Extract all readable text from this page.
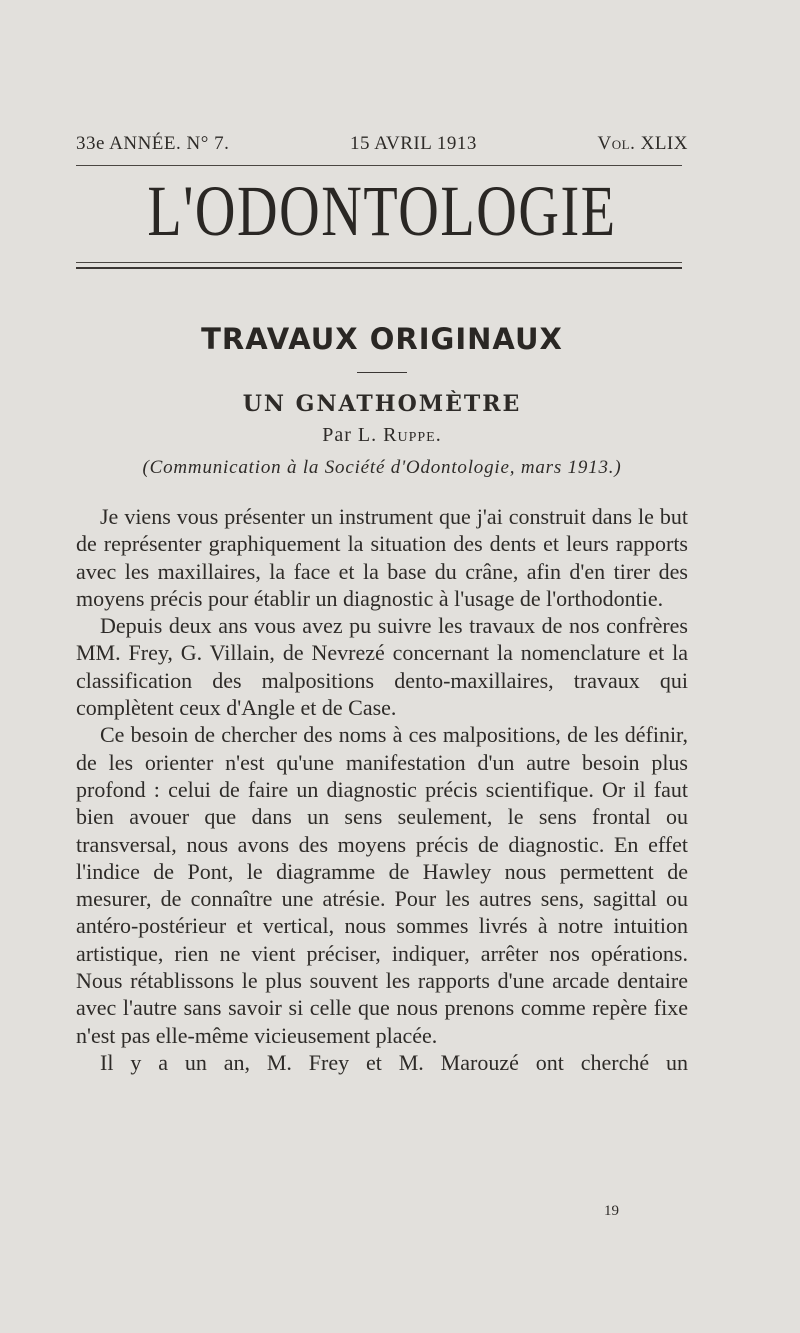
33e ANNÉE. N° 7.	15 AVRIL 1913	Vol. XLIX
L'ODONTOLOGIE
TRAVAUX ORIGINAUX
UN GNATHOMÈTRE
Par L. Ruppe.
(Communication à la Société d'Odontologie, mars 1913.)

Je viens vous présenter un instrument que j'ai construit dans le but de représenter graphiquement la situation des dents et leurs rapports avec les maxillaires, la face et la base du crâne, afin d'en tirer des moyens précis pour établir un diagnostic à l'usage de l'orthodontie.

Depuis deux ans vous avez pu suivre les travaux de nos confrères MM. Frey, G. Villain, de Nevrezé concernant la nomenclature et la classification des malpositions dento-maxillaires, travaux qui complètent ceux d'Angle et de Case.

Ce besoin de chercher des noms à ces malpositions, de les définir, de les orienter n'est qu'une manifestation d'un autre besoin plus profond : celui de faire un diagnostic précis scientifique. Or il faut bien avouer que dans un sens seulement, le sens frontal ou transversal, nous avons des moyens précis de diagnostic. En effet l'indice de Pont, le diagramme de Hawley nous permettent de mesurer, de connaître une atrésie. Pour les autres sens, sagittal ou antéro-postérieur et vertical, nous sommes livrés à notre intuition artistique, rien ne vient préciser, indiquer, arrêter nos opérations. Nous rétablissons le plus souvent les rapports d'une arcade dentaire avec l'autre sans savoir si celle que nous prenons comme repère fixe n'est pas elle-même vicieusement placée.

Il y a un an, M. Frey et M. Marouzé ont cherché un

19
